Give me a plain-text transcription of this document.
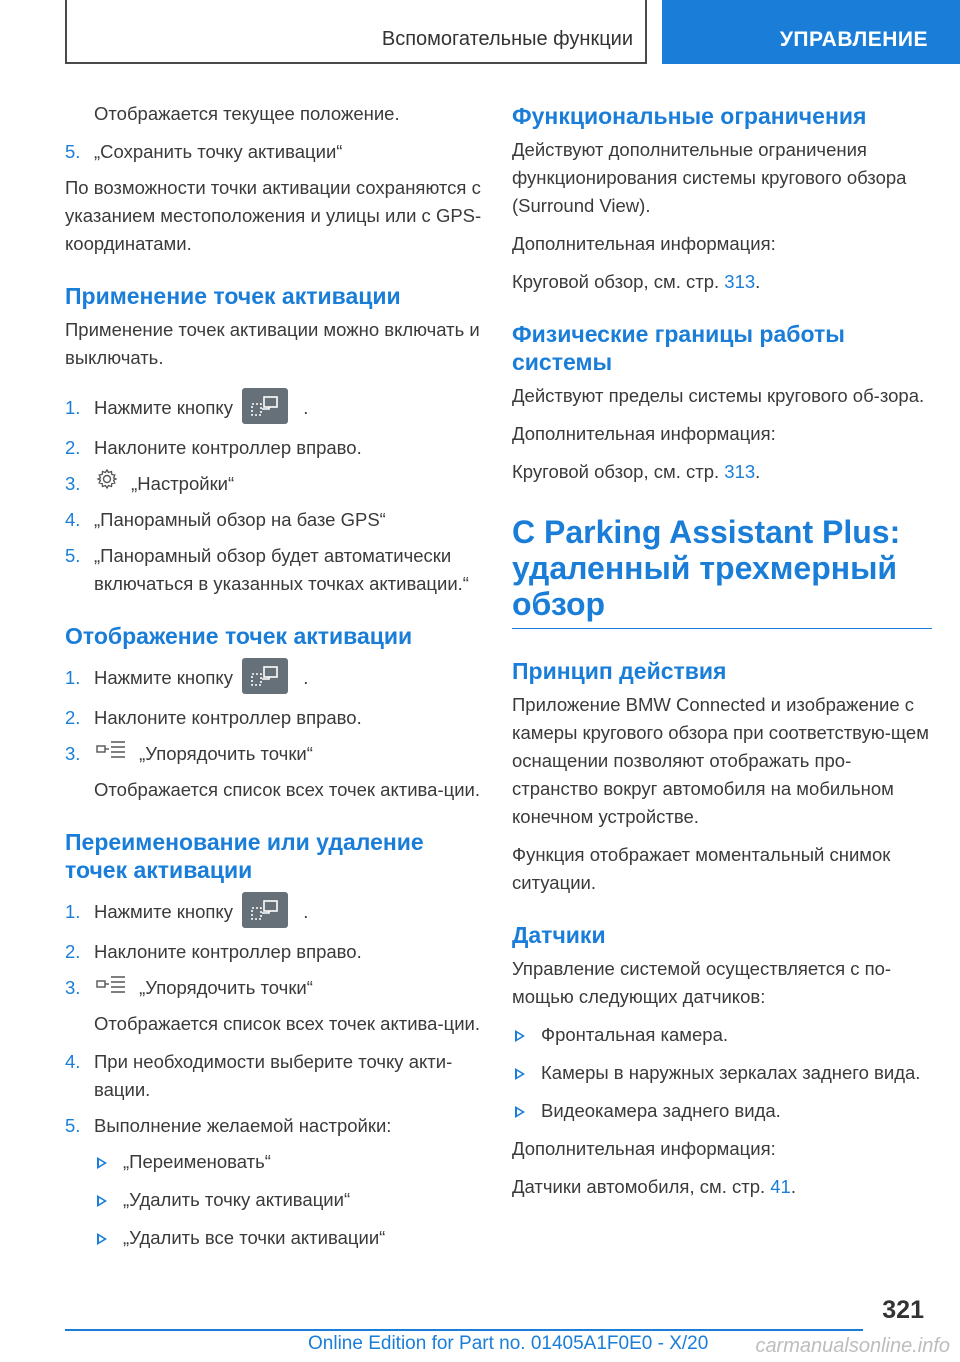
Вспомогательные функции	УПРАВЛЕНИЕ

Отображается текущее положение.

5. „Сохранить точку активации“

По возможности точки активации сохраняются с указанием местоположения и улицы или с GPS-координатами.

Применение точек активации

Применение точек активации можно включать и выключать.

1. Нажмите кнопку	.
2. Наклоните контроллер вправо.
3.	„Настройки“
4. „Панорамный обзор на базе GPS“
5. „Панорамный обзор будет автоматически включаться в указанных точках активации.“
Отображение точек активации
1. Нажмите кнопку	.
2. Наклоните контроллер вправо.
3.	„Упорядочить точки“

Отображается список всех точек актива-ции.

Переименование или удаление точек активации
1. Нажмите кнопку	.
2. Наклоните контроллер вправо.
3.	„Упорядочить точки“

Отображается список всех точек актива-ции.

4. При необходимости выберите точку акти-вации.
5. Выполнение желаемой настройки:
„Переименовать“
„Удалить точку активации“
„Удалить все точки активации“
Функциональные ограничения

Действуют дополнительные ограничения функционирования системы кругового обзора (Surround View).

Дополнительная информация:

Круговой обзор, см. стр. 313.

Физические границы работы системы

Действуют пределы системы кругового об-зора.

Дополнительная информация:

Круговой обзор, см. стр. 313.

С Parking Assistant Plus: удаленный трехмерный обзор
Принцип действия

Приложение BMW Connected и изображение с камеры кругового обзора при соответствую-щем оснащении позволяют отображать про-странство вокруг автомобиля на мобильном конечном устройстве.

Функция отображает моментальный снимок ситуации.

Датчики

Управление системой осуществляется с по-мощью следующих датчиков:

Фронтальная камера.
Камеры в наружных зеркалах заднего вида.
Видеокамера заднего вида.

Дополнительная информация:

Датчики автомобиля, см. стр. 41.

321
Online Edition for Part no. 01405A1F0E0 - X/20 carmanualsonline.info
